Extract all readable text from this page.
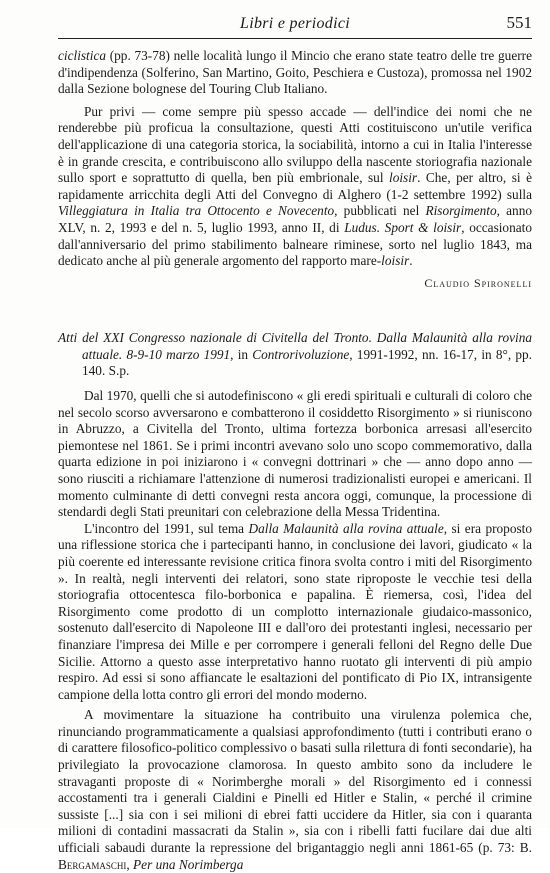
Libri e periodici	551

ciclistica (pp. 73-78) nelle località lungo il Mincio che erano state teatro delle tre guerre d'indipendenza (Solferino, San Martino, Goito, Peschiera e Custoza), promossa nel 1902 dalla Sezione bolognese del Touring Club Italiano.

Pur privi — come sempre più spesso accade — dell'indice dei nomi che ne renderebbe più proficua la consultazione, questi Atti costituiscono un'utile verifica dell'applicazione di una categoria storica, la sociabilità, intorno a cui in Italia l'interesse è in grande crescita, e contribuiscono allo sviluppo della nascente storiografia nazionale sullo sport e soprattutto di quella, ben più embrionale, sul loisir. Che, per altro, si è rapidamente arricchita degli Atti del Convegno di Alghero (1-2 settembre 1992) sulla Villeggiatura in Italia tra Ottocento e Novecento, pubblicati nel Risorgimento, anno XLV, n. 2, 1993 e del n. 5, luglio 1993, anno II, di Ludus. Sport & loisir, occasionato dall'anniversario del primo stabilimento balneare riminese, sorto nel luglio 1843, ma dedicato anche al più generale argomento del rapporto mare-loisir.

Claudio Spironelli
Atti del XXI Congresso nazionale di Civitella del Tronto. Dalla Malaunità alla rovina attuale. 8-9-10 marzo 1991, in Controrivoluzione, 1991-1992, nn. 16-17, in 8°, pp. 140. S.p.

Dal 1970, quelli che si autodefiniscono « gli eredi spirituali e culturali di coloro che nel secolo scorso avversarono e combatterono il cosiddetto Risorgimento » si riuniscono in Abruzzo, a Civitella del Tronto, ultima fortezza borbonica arresasi all'esercito piemontese nel 1861. Se i primi incontri avevano solo uno scopo commemorativo, dalla quarta edizione in poi iniziarono i « convegni dottrinari » che — anno dopo anno — sono riusciti a richiamare l'attenzione di numerosi tradizionalisti europei e americani. Il momento culminante di detti convegni resta ancora oggi, comunque, la processione di stendardi degli Stati preunitari con celebrazione della Messa Tridentina.

L'incontro del 1991, sul tema Dalla Malaunità alla rovina attuale, si era proposto una riflessione storica che i partecipanti hanno, in conclusione dei lavori, giudicato « la più coerente ed interessante revisione critica finora svolta contro i miti del Risorgimento ». In realtà, negli interventi dei relatori, sono state riproposte le vecchie tesi della storiografia ottocentesca filo-borbonica e papalina. È riemersa, così, l'idea del Risorgimento come prodotto di un complotto internazionale giudaico-massonico, sostenuto dall'esercito di Napoleone III e dall'oro dei protestanti inglesi, necessario per finanziare l'impresa dei Mille e per corrompere i generali felloni del Regno delle Due Sicilie. Attorno a questo asse interpretativo hanno ruotato gli interventi di più ampio respiro. Ad essi si sono affiancate le esaltazioni del pontificato di Pio IX, intransigente campione della lotta contro gli errori del mondo moderno.

A movimentare la situazione ha contribuito una virulenza polemica che, rinunciando programmaticamente a qualsiasi approfondimento (tutti i contributi erano o di carattere filosofico-politico complessivo o basati sulla rilettura di fonti secondarie), ha privilegiato la provocazione clamorosa. In questo ambito sono da includere le stravaganti proposte di « Norimberghe morali » del Risorgimento ed i connessi accostamenti tra i generali Cialdini e Pinelli ed Hitler e Stalin, « perché il crimine sussiste [...] sia con i sei milioni di ebrei fatti uccidere da Hitler, sia con i quaranta milioni di contadini massacrati da Stalin », sia con i ribelli fatti fucilare dai due alti ufficiali sabaudi durante la repressione del brigantaggio negli anni 1861-65 (p. 73: B. Bergamaschi, Per una Norimberga
